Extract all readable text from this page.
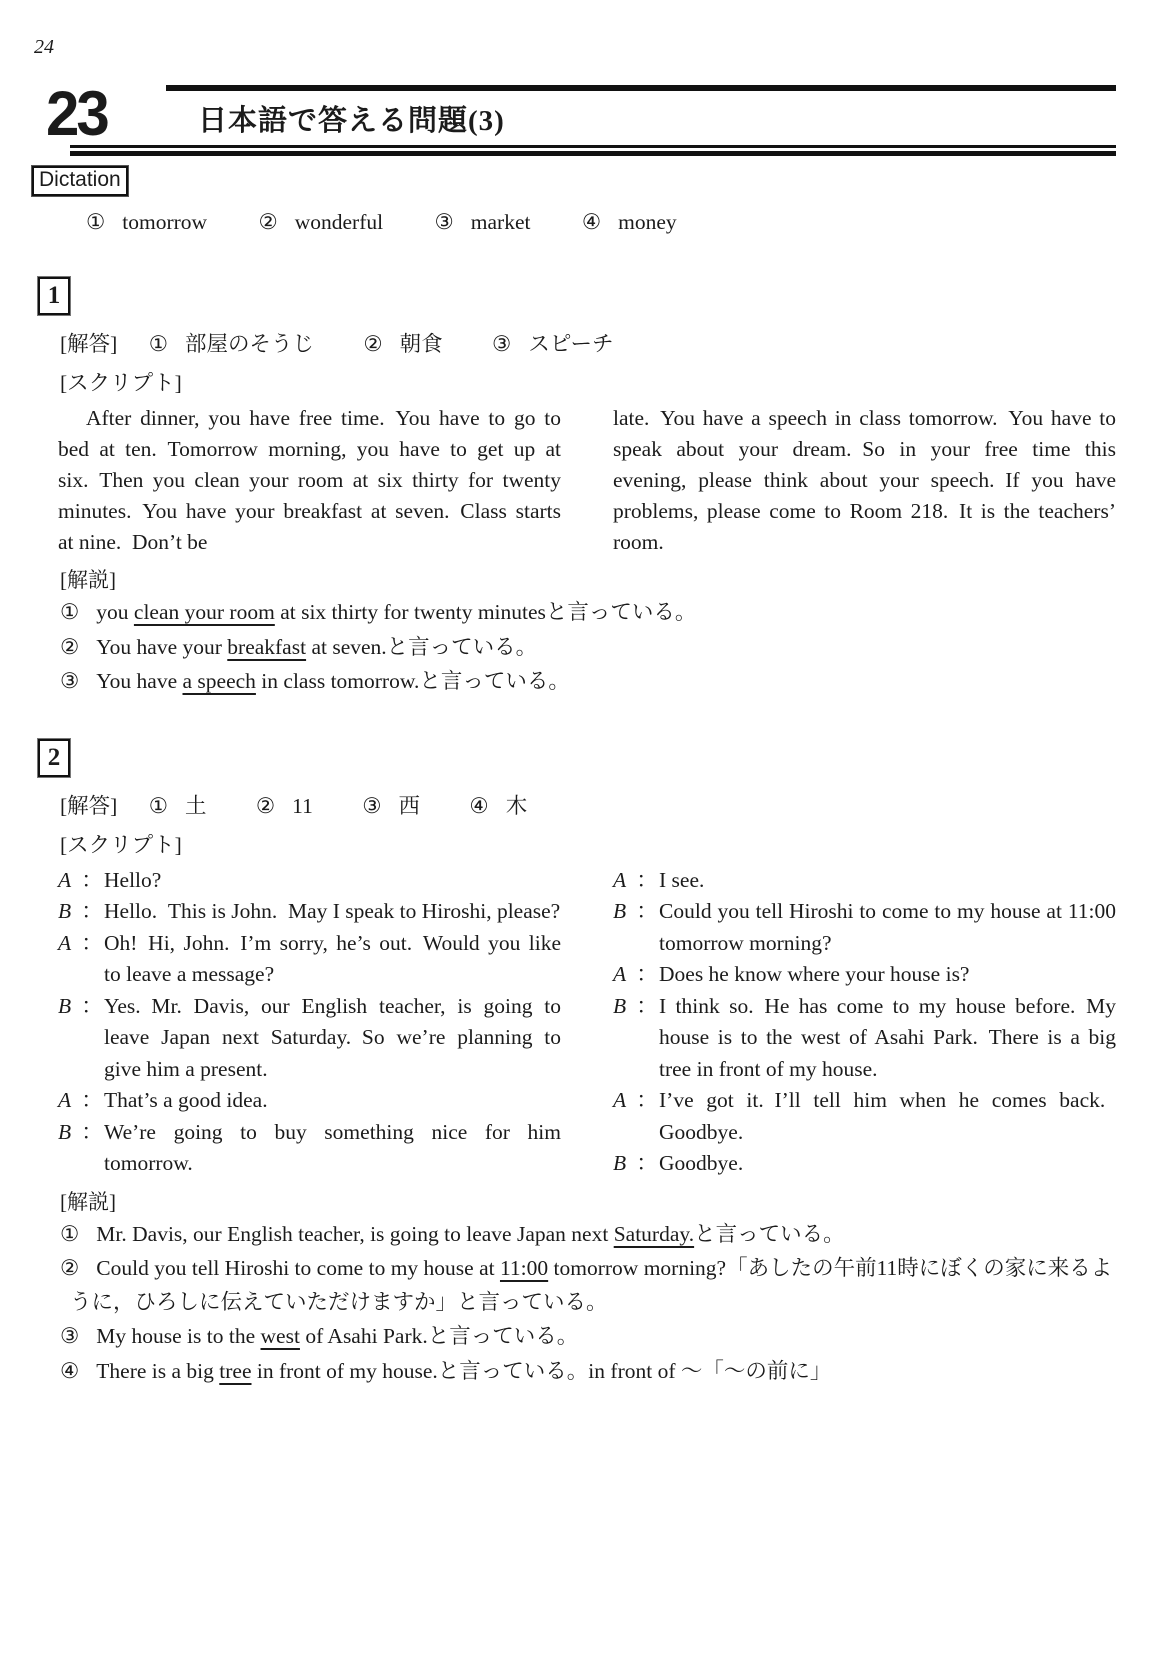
24
23	日本語で答える問題(3)
Dictation
① tomorrow ② wonderful ③ market ④ money
1
[解答] ① 部屋のそうじ ② 朝食 ③ スピーチ
[スクリプト]

After dinner, you have free time. You have to go to bed at ten. Tomorrow morning, you have to get up at six. Then you clean your room at six thirty for twenty minutes. You have your breakfast at seven. Class starts at nine. Don’t be

late. You have a speech in class tomorrow. You have to speak about your dream. So in your free time this evening, please think about your speech. If you have problems, please come to Room 218. It is the teachers’ room.

[解説]

① you clean your room at six thirty for twenty minutesと言っている。

② You have your breakfast at seven.と言っている。

③ You have a speech in class tomorrow.と言っている。

2
[解答] ① 土 ② 11 ③ 西 ④ 木
[スクリプト]
A ： Hello?
B ： Hello. This is John. May I speak to Hiroshi, please?
A ： Oh! Hi, John. I’m sorry, he’s out. Would you like to leave a message?
B ： Yes. Mr. Davis, our English teacher, is going to leave Japan next Saturday. So we’re planning to give him a present.
A ： That’s a good idea.
B ： We’re going to buy something nice for him tomorrow.
A ： I see.
B ： Could you tell Hiroshi to come to my house at 11:00 tomorrow morning?
A ： Does he know where your house is?
B ： I think so. He has come to my house before. My house is to the west of Asahi Park. There is a big tree in front of my house.
A ： I’ve got it. I’ll tell him when he comes back. Goodbye.
B ： Goodbye.
[解説]

① Mr. Davis, our English teacher, is going to leave Japan next Saturday.と言っている。

② Could you tell Hiroshi to come to my house at 11:00 tomorrow morning?「あしたの午前11時にぼくの家に来るように，ひろしに伝えていただけますか」と言っている。

③ My house is to the west of Asahi Park.と言っている。

④ There is a big tree in front of my house.と言っている。in front of ～「～の前に」
